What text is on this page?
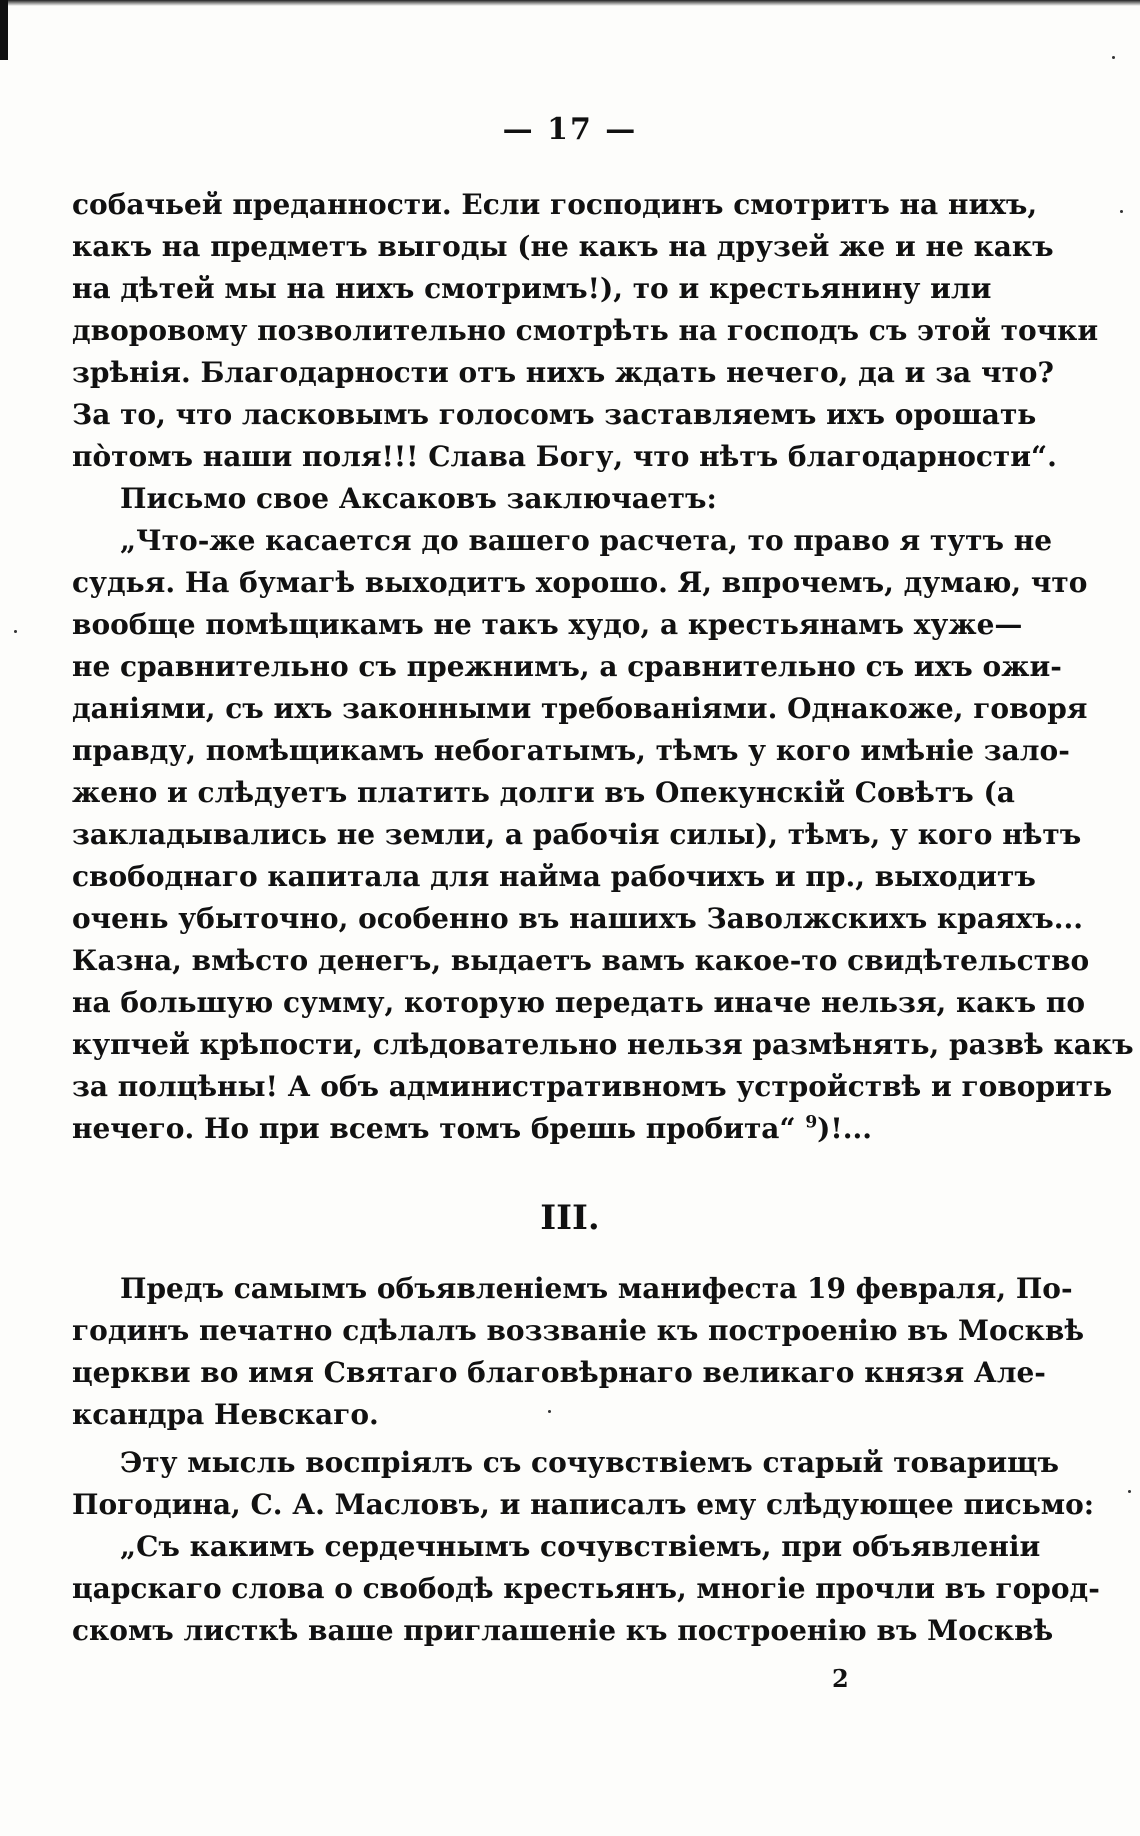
— 17 —
собачьей преданности. Если господинъ смотритъ на нихъ,
какъ на предметъ выгоды (не какъ на друзей же и не какъ
на дѣтей мы на нихъ смотримъ!), то и крестьянину или
дворовому позволительно смотрѣть на господъ съ этой точки
зрѣнія. Благодарности отъ нихъ ждать нечего, да и за что?
За то, что ласковымъ голосомъ заставляемъ ихъ орошать
пòтомъ наши поля!!! Слава Богу, что нѣтъ благодарности“.
Письмо свое Аксаковъ заключаетъ:
„Что-же касается до вашего расчета, то право я тутъ не
судья. На бумагѣ выходитъ хорошо. Я, впрочемъ, думаю, что
вообще помѣщикамъ не такъ худо, а крестьянамъ хуже—
не сравнительно съ прежнимъ, а сравнительно съ ихъ ожи-
даніями, съ ихъ законными требованіями. Однакоже, говоря
правду, помѣщикамъ небогатымъ, тѣмъ у кого имѣніе зало-
жено и слѣдуетъ платить долги въ Опекунскій Совѣтъ (а
закладывались не земли, а рабочія силы), тѣмъ, у кого нѣтъ
свободнаго капитала для найма рабочихъ и пр., выходитъ
очень убыточно, особенно въ нашихъ Заволжскихъ краяхъ...
Казна, вмѣсто денегъ, выдаетъ вамъ какое-то свидѣтельство
на большую сумму, которую передать иначе нельзя, какъ по
купчей крѣпости, слѣдовательно нельзя размѣнять, развѣ какъ
за полцѣны! А объ административномъ устройствѣ и говорить
нечего. Но при всемъ томъ брешь пробита“ $^9$)!...
III.
Предъ самымъ объявленіемъ манифеста 19 февраля, По-
годинъ печатно сдѣлалъ воззваніе къ построенію въ Москвѣ
церкви во имя Святаго благовѣрнаго великаго князя Але-
ксандра Невскаго.
Эту мысль воспріялъ съ сочувствіемъ старый товарищъ
Погодина, С. А. Масловъ, и написалъ ему слѣдующее письмо:
„Съ какимъ сердечнымъ сочувствіемъ, при объявленіи
царскаго слова о свободѣ крестьянъ, многіе прочли въ город-
скомъ листкѣ ваше приглашеніе къ построенію въ Москвѣ
2
